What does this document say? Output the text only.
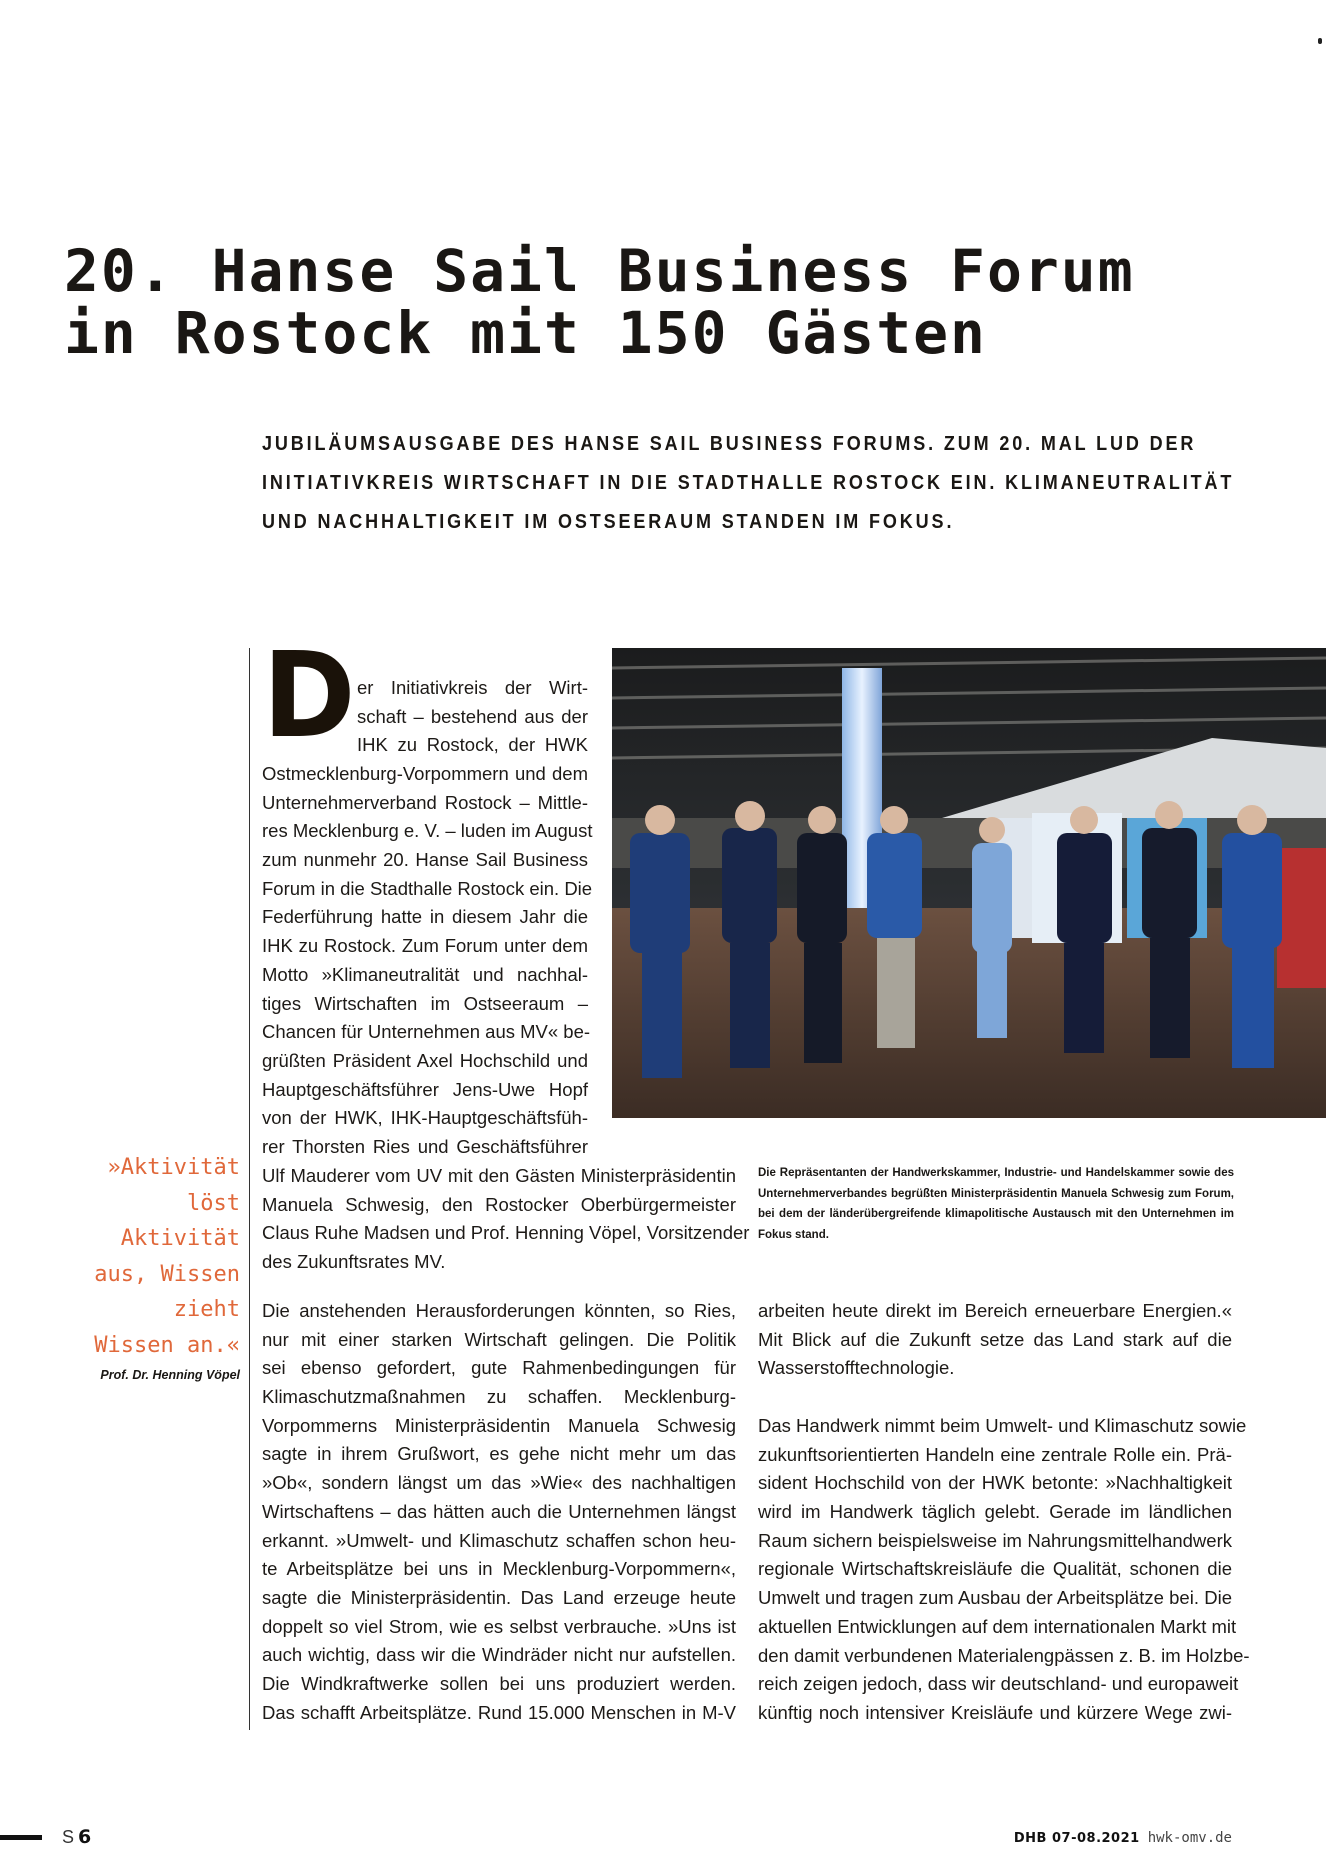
20. Hanse Sail Business Forum
in Rostock mit 150 Gästen
JUBILÄUMSAUSGABE DES HANSE SAIL BUSINESS FORUMS. ZUM 20. MAL LUD DER
INITIATIVKREIS WIRTSCHAFT IN DIE STADTHALLE ROSTOCK EIN. KLIMANEUTRALITÄT
UND NACHHALTIGKEIT IM OSTSEERAUM STANDEN IM FOKUS.
D er Initiativkreis der Wirt-
schaft – bestehend aus der
IHK zu Rostock, der HWK
Ostmecklenburg-Vorpommern und dem
Unternehmerverband Rostock – Mittle-
res Mecklenburg e. V. – luden im August
zum nunmehr 20. Hanse Sail Business
Forum in die Stadthalle Rostock ein. Die
Federführung hatte in diesem Jahr die
IHK zu Rostock. Zum Forum unter dem
Motto »Klimaneutralität und nachhal-
tiges Wirtschaften im Ostseeraum –
Chancen für Unternehmen aus MV« be-
grüßten Präsident Axel Hochschild und
Hauptgeschäftsführer Jens-Uwe Hopf
von der HWK, IHK-Hauptgeschäftsfüh-
rer Thorsten Ries und Geschäftsführer
Ulf Mauderer vom UV mit den Gästen Ministerpräsidentin
Manuela Schwesig, den Rostocker Oberbürgermeister
Claus Ruhe Madsen und Prof. Henning Vöpel, Vorsitzender
des Zukunftsrates MV.
Die Repräsentanten der Handwerkskammer, Industrie- und Handelskammer sowie des
Unternehmerverbandes begrüßten Ministerpräsidentin Manuela Schwesig zum Forum,
bei dem der länderübergreifende klimapolitische Austausch mit den Unternehmen im
Fokus stand.
»Aktivität
löst
Aktivität
aus, Wissen
zieht
Wissen an.«
Prof. Dr. Henning Vöpel
Die anstehenden Herausforderungen könnten, so Ries,
nur mit einer starken Wirtschaft gelingen. Die Politik
sei ebenso gefordert, gute Rahmenbedingungen für
Klimaschutzmaßnahmen zu schaffen. Mecklenburg-
Vorpommerns Ministerpräsidentin Manuela Schwesig
sagte in ihrem Grußwort, es gehe nicht mehr um das
»Ob«, sondern längst um das »Wie« des nachhaltigen
Wirtschaftens – das hätten auch die Unternehmen längst
erkannt. »Umwelt- und Klimaschutz schaffen schon heu-
te Arbeitsplätze bei uns in Mecklenburg-Vorpommern«,
sagte die Ministerpräsidentin. Das Land erzeuge heute
doppelt so viel Strom, wie es selbst verbrauche. »Uns ist
auch wichtig, dass wir die Windräder nicht nur aufstellen.
Die Windkraftwerke sollen bei uns produziert werden.
Das schafft Arbeitsplätze. Rund 15.000 Menschen in M-V
arbeiten heute direkt im Bereich erneuerbare Energien.«
Mit Blick auf die Zukunft setze das Land stark auf die
Wasserstofftechnologie.
Das Handwerk nimmt beim Umwelt- und Klimaschutz sowie
zukunftsorientierten Handeln eine zentrale Rolle ein. Prä-
sident Hochschild von der HWK betonte: »Nachhaltigkeit
wird im Handwerk täglich gelebt. Gerade im ländlichen
Raum sichern beispielsweise im Nahrungsmittelhandwerk
regionale Wirtschaftskreisläufe die Qualität, schonen die
Umwelt und tragen zum Ausbau der Arbeitsplätze bei. Die
aktuellen Entwicklungen auf dem internationalen Markt mit
den damit verbundenen Materialengpässen z. B. im Holzbe-
reich zeigen jedoch, dass wir deutschland- und europaweit
künftig noch intensiver Kreisläufe und kürzere Wege zwi-
S 6	DHB 07-08.2021 hwk-omv.de
